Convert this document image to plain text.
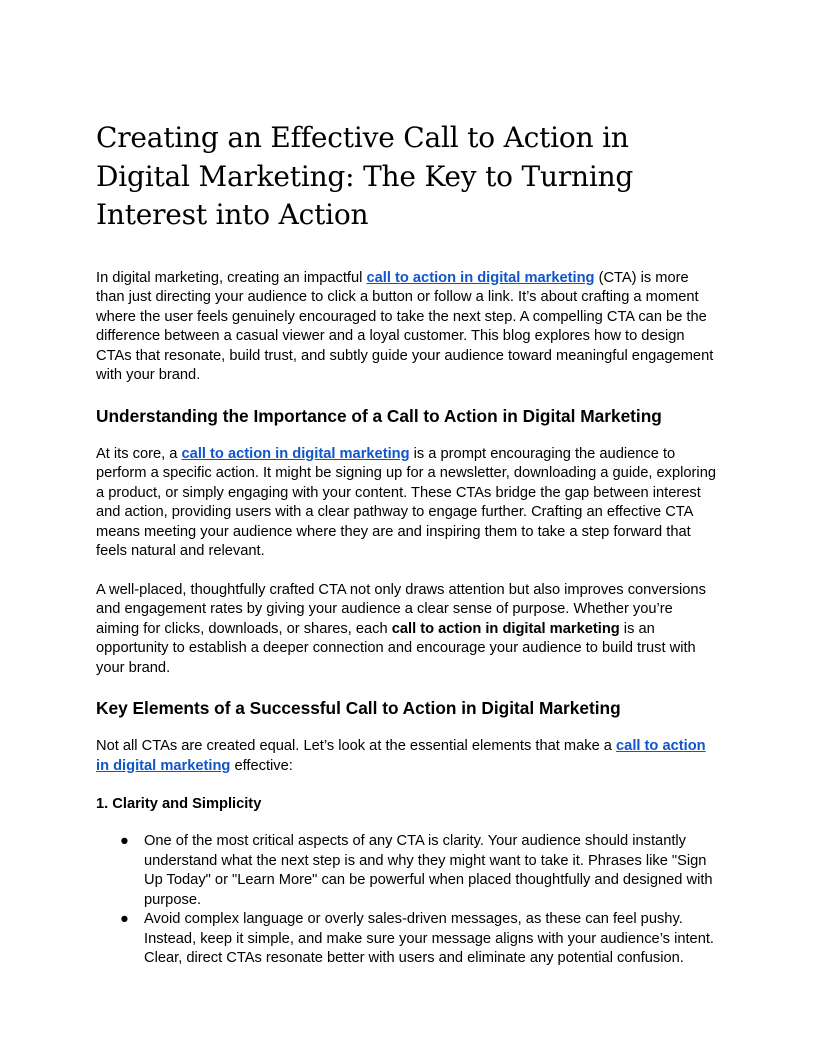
Creating an Effective Call to Action in Digital Marketing: The Key to Turning Interest into Action

In digital marketing, creating an impactful call to action in digital marketing (CTA) is more than just directing your audience to click a button or follow a link. It’s about crafting a moment where the user feels genuinely encouraged to take the next step. A compelling CTA can be the difference between a casual viewer and a loyal customer. This blog explores how to design CTAs that resonate, build trust, and subtly guide your audience toward meaningful engagement with your brand.

Understanding the Importance of a Call to Action in Digital Marketing

At its core, a call to action in digital marketing is a prompt encouraging the audience to perform a specific action. It might be signing up for a newsletter, downloading a guide, exploring a product, or simply engaging with your content. These CTAs bridge the gap between interest and action, providing users with a clear pathway to engage further. Crafting an effective CTA means meeting your audience where they are and inspiring them to take a step forward that feels natural and relevant.

A well-placed, thoughtfully crafted CTA not only draws attention but also improves conversions and engagement rates by giving your audience a clear sense of purpose. Whether you’re aiming for clicks, downloads, or shares, each call to action in digital marketing is an opportunity to establish a deeper connection and encourage your audience to build trust with your brand.

Key Elements of a Successful Call to Action in Digital Marketing

Not all CTAs are created equal. Let’s look at the essential elements that make a call to action in digital marketing effective:

1. Clarity and Simplicity
● One of the most critical aspects of any CTA is clarity. Your audience should instantly understand what the next step is and why they might want to take it. Phrases like "Sign Up Today" or "Learn More" can be powerful when placed thoughtfully and designed with purpose.
● Avoid complex language or overly sales-driven messages, as these can feel pushy. Instead, keep it simple, and make sure your message aligns with your audience’s intent. Clear, direct CTAs resonate better with users and eliminate any potential confusion.
